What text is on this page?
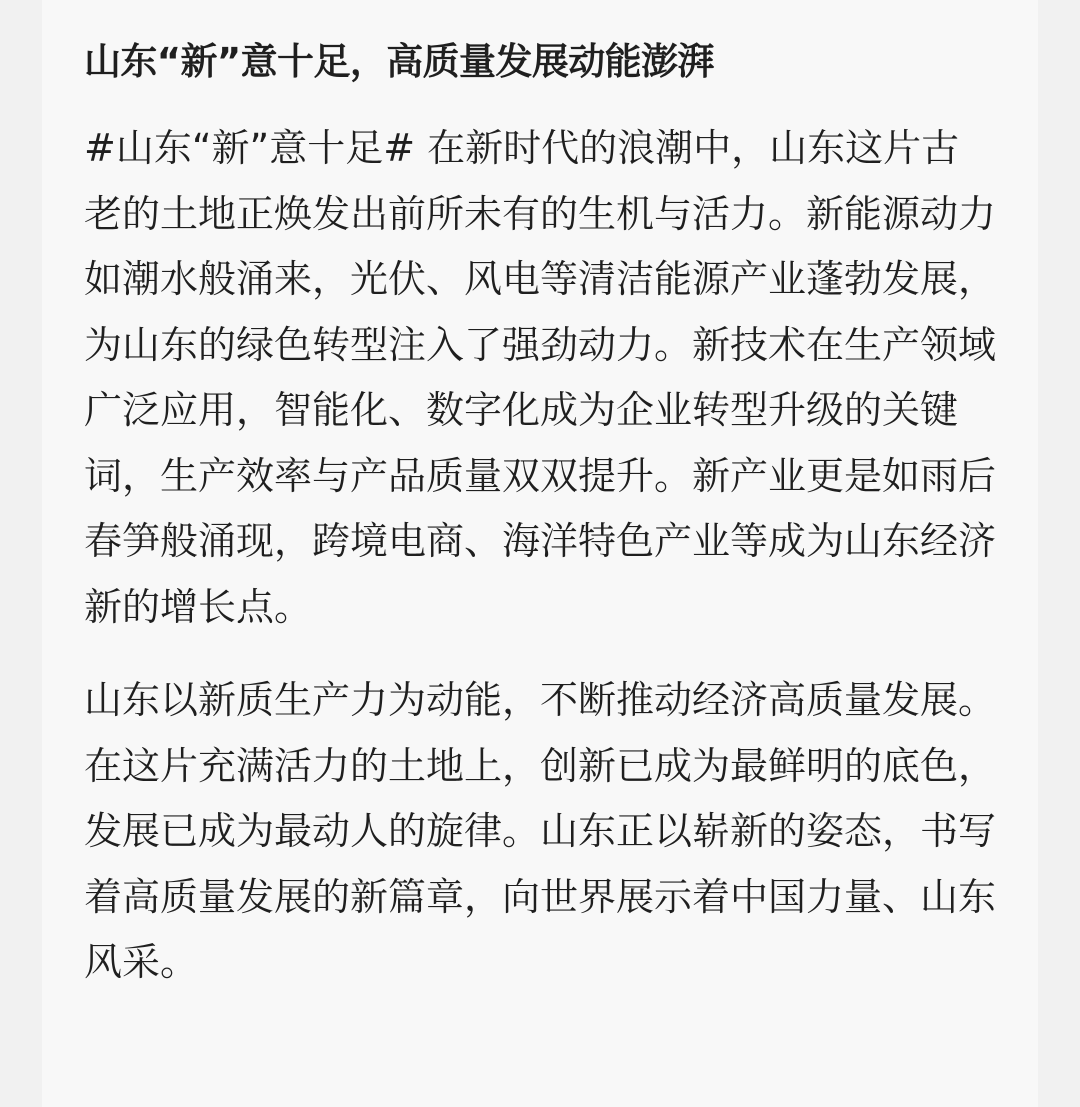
山东“新”意十足，高质量发展动能澎湃

#山东“新”意十足# 在新时代的浪潮中，山东这片古老的土地正焕发出前所未有的生机与活力。新能源动力如潮水般涌来，光伏、风电等清洁能源产业蓬勃发展，为山东的绿色转型注入了强劲动力。新技术在生产领域广泛应用，智能化、数字化成为企业转型升级的关键词，生产效率与产品质量双双提升。新产业更是如雨后春笋般涌现，跨境电商、海洋特色产业等成为山东经济新的增长点。

山东以新质生产力为动能，不断推动经济高质量发展。在这片充满活力的土地上，创新已成为最鲜明的底色，发展已成为最动人的旋律。山东正以崭新的姿态，书写着高质量发展的新篇章，向世界展示着中国力量、山东风采。
